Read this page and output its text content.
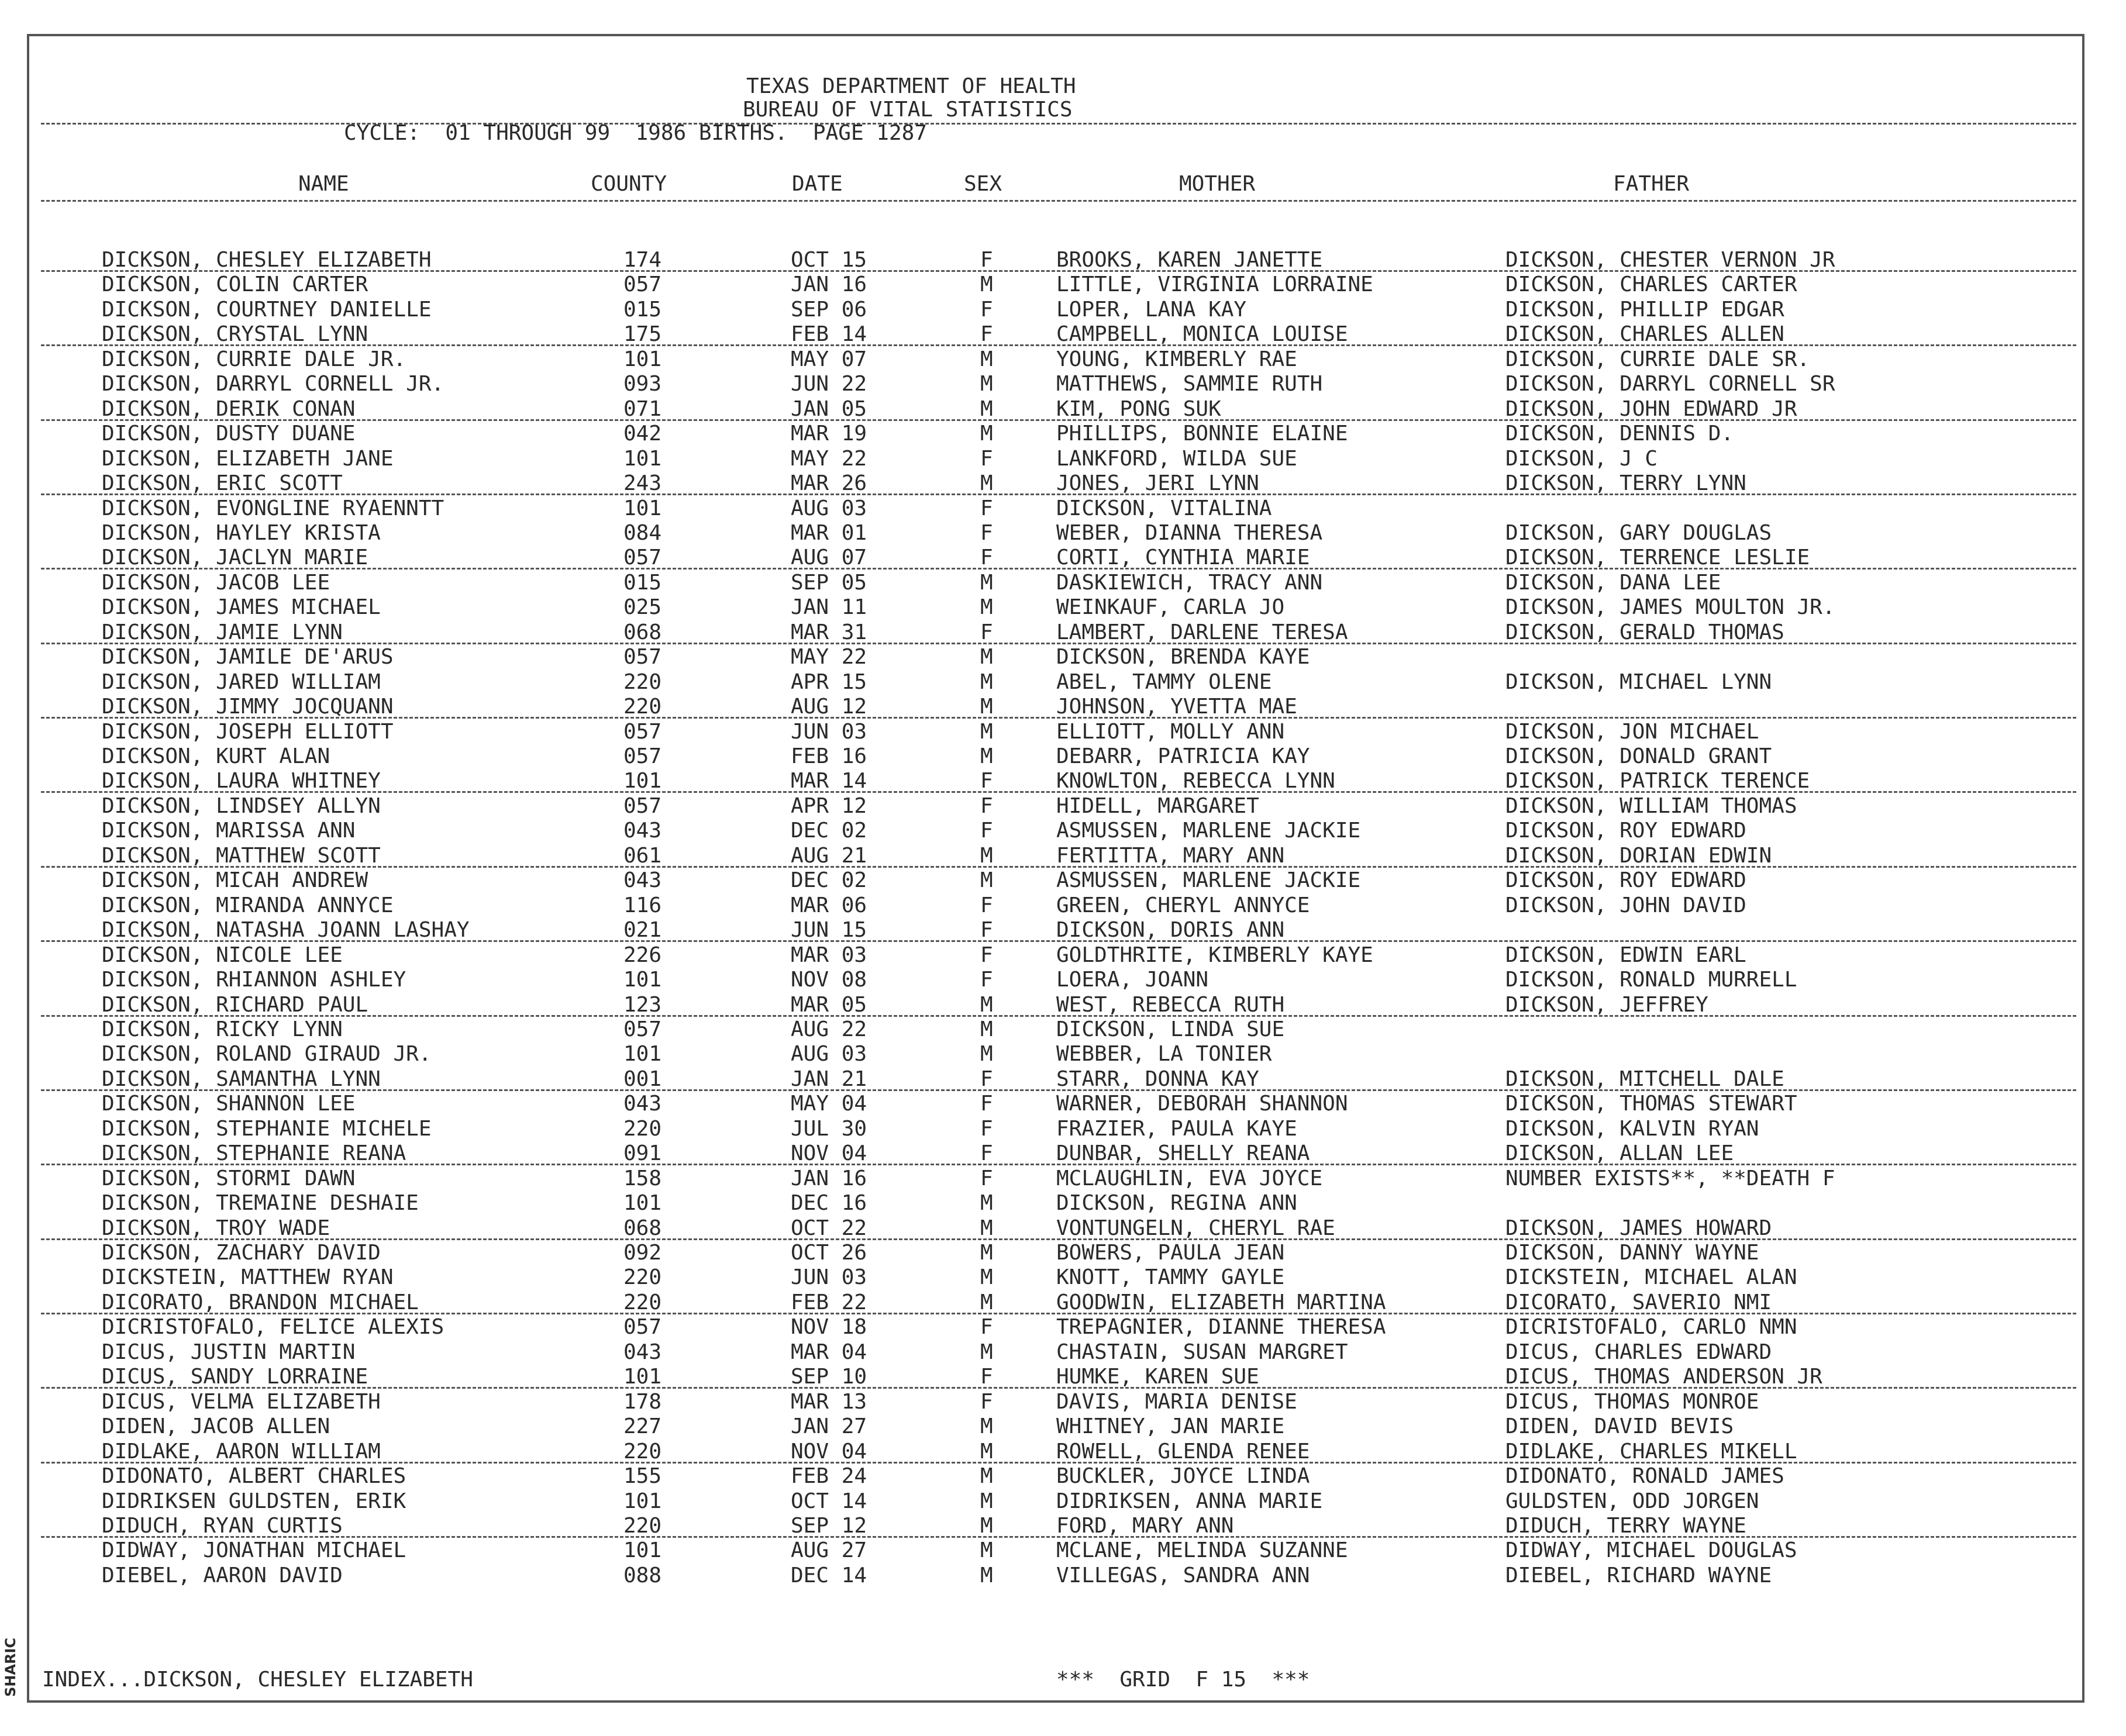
TEXAS DEPARTMENT OF HEALTH
BUREAU OF VITAL STATISTICS
CYCLE:  01 THROUGH 99  1986 BIRTHS.  PAGE 1287
NAME	COUNTY	DATE	SEX	MOTHER	FATHER
DICKSON, CHESLEY ELIZABETH	174	OCT 15	F	BROOKS, KAREN JANETTE	DICKSON, CHESTER VERNON JR
DICKSON, COLIN CARTER	057	JAN 16	M	LITTLE, VIRGINIA LORRAINE	DICKSON, CHARLES CARTER
DICKSON, COURTNEY DANIELLE	015	SEP 06	F	LOPER, LANA KAY	DICKSON, PHILLIP EDGAR
DICKSON, CRYSTAL LYNN	175	FEB 14	F	CAMPBELL, MONICA LOUISE	DICKSON, CHARLES ALLEN
DICKSON, CURRIE DALE JR.	101	MAY 07	M	YOUNG, KIMBERLY RAE	DICKSON, CURRIE DALE SR.
DICKSON, DARRYL CORNELL JR.	093	JUN 22	M	MATTHEWS, SAMMIE RUTH	DICKSON, DARRYL CORNELL SR
DICKSON, DERIK CONAN	071	JAN 05	M	KIM, PONG SUK	DICKSON, JOHN EDWARD JR
DICKSON, DUSTY DUANE	042	MAR 19	M	PHILLIPS, BONNIE ELAINE	DICKSON, DENNIS D.
DICKSON, ELIZABETH JANE	101	MAY 22	F	LANKFORD, WILDA SUE	DICKSON, J C
DICKSON, ERIC SCOTT	243	MAR 26	M	JONES, JERI LYNN	DICKSON, TERRY LYNN
DICKSON, EVONGLINE RYAENNTT	101	AUG 03	F	DICKSON, VITALINA
DICKSON, HAYLEY KRISTA	084	MAR 01	F	WEBER, DIANNA THERESA	DICKSON, GARY DOUGLAS
DICKSON, JACLYN MARIE	057	AUG 07	F	CORTI, CYNTHIA MARIE	DICKSON, TERRENCE LESLIE
DICKSON, JACOB LEE	015	SEP 05	M	DASKIEWICH, TRACY ANN	DICKSON, DANA LEE
DICKSON, JAMES MICHAEL	025	JAN 11	M	WEINKAUF, CARLA JO	DICKSON, JAMES MOULTON JR.
DICKSON, JAMIE LYNN	068	MAR 31	F	LAMBERT, DARLENE TERESA	DICKSON, GERALD THOMAS
DICKSON, JAMILE DE'ARUS	057	MAY 22	M	DICKSON, BRENDA KAYE
DICKSON, JARED WILLIAM	220	APR 15	M	ABEL, TAMMY OLENE	DICKSON, MICHAEL LYNN
DICKSON, JIMMY JOCQUANN	220	AUG 12	M	JOHNSON, YVETTA MAE
DICKSON, JOSEPH ELLIOTT	057	JUN 03	M	ELLIOTT, MOLLY ANN	DICKSON, JON MICHAEL
DICKSON, KURT ALAN	057	FEB 16	M	DEBARR, PATRICIA KAY	DICKSON, DONALD GRANT
DICKSON, LAURA WHITNEY	101	MAR 14	F	KNOWLTON, REBECCA LYNN	DICKSON, PATRICK TERENCE
DICKSON, LINDSEY ALLYN	057	APR 12	F	HIDELL, MARGARET	DICKSON, WILLIAM THOMAS
DICKSON, MARISSA ANN	043	DEC 02	F	ASMUSSEN, MARLENE JACKIE	DICKSON, ROY EDWARD
DICKSON, MATTHEW SCOTT	061	AUG 21	M	FERTITTA, MARY ANN	DICKSON, DORIAN EDWIN
DICKSON, MICAH ANDREW	043	DEC 02	M	ASMUSSEN, MARLENE JACKIE	DICKSON, ROY EDWARD
DICKSON, MIRANDA ANNYCE	116	MAR 06	F	GREEN, CHERYL ANNYCE	DICKSON, JOHN DAVID
DICKSON, NATASHA JOANN LASHAY	021	JUN 15	F	DICKSON, DORIS ANN
DICKSON, NICOLE LEE	226	MAR 03	F	GOLDTHRITE, KIMBERLY KAYE	DICKSON, EDWIN EARL
DICKSON, RHIANNON ASHLEY	101	NOV 08	F	LOERA, JOANN	DICKSON, RONALD MURRELL
DICKSON, RICHARD PAUL	123	MAR 05	M	WEST, REBECCA RUTH	DICKSON, JEFFREY
DICKSON, RICKY LYNN	057	AUG 22	M	DICKSON, LINDA SUE
DICKSON, ROLAND GIRAUD JR.	101	AUG 03	M	WEBBER, LA TONIER
DICKSON, SAMANTHA LYNN	001	JAN 21	F	STARR, DONNA KAY	DICKSON, MITCHELL DALE
DICKSON, SHANNON LEE	043	MAY 04	F	WARNER, DEBORAH SHANNON	DICKSON, THOMAS STEWART
DICKSON, STEPHANIE MICHELE	220	JUL 30	F	FRAZIER, PAULA KAYE	DICKSON, KALVIN RYAN
DICKSON, STEPHANIE REANA	091	NOV 04	F	DUNBAR, SHELLY REANA	DICKSON, ALLAN LEE
DICKSON, STORMI DAWN	158	JAN 16	F	MCLAUGHLIN, EVA JOYCE	NUMBER EXISTS**, **DEATH F
DICKSON, TREMAINE DESHAIE	101	DEC 16	M	DICKSON, REGINA ANN
DICKSON, TROY WADE	068	OCT 22	M	VONTUNGELN, CHERYL RAE	DICKSON, JAMES HOWARD
DICKSON, ZACHARY DAVID	092	OCT 26	M	BOWERS, PAULA JEAN	DICKSON, DANNY WAYNE
DICKSTEIN, MATTHEW RYAN	220	JUN 03	M	KNOTT, TAMMY GAYLE	DICKSTEIN, MICHAEL ALAN
DICORATO, BRANDON MICHAEL	220	FEB 22	M	GOODWIN, ELIZABETH MARTINA	DICORATO, SAVERIO NMI
DICRISTOFALO, FELICE ALEXIS	057	NOV 18	F	TREPAGNIER, DIANNE THERESA	DICRISTOFALO, CARLO NMN
DICUS, JUSTIN MARTIN	043	MAR 04	M	CHASTAIN, SUSAN MARGRET	DICUS, CHARLES EDWARD
DICUS, SANDY LORRAINE	101	SEP 10	F	HUMKE, KAREN SUE	DICUS, THOMAS ANDERSON JR
DICUS, VELMA ELIZABETH	178	MAR 13	F	DAVIS, MARIA DENISE	DICUS, THOMAS MONROE
DIDEN, JACOB ALLEN	227	JAN 27	M	WHITNEY, JAN MARIE	DIDEN, DAVID BEVIS
DIDLAKE, AARON WILLIAM	220	NOV 04	M	ROWELL, GLENDA RENEE	DIDLAKE, CHARLES MIKELL
DIDONATO, ALBERT CHARLES	155	FEB 24	M	BUCKLER, JOYCE LINDA	DIDONATO, RONALD JAMES
DIDRIKSEN GULDSTEN, ERIK	101	OCT 14	M	DIDRIKSEN, ANNA MARIE	GULDSTEN, ODD JORGEN
DIDUCH, RYAN CURTIS	220	SEP 12	M	FORD, MARY ANN	DIDUCH, TERRY WAYNE
DIDWAY, JONATHAN MICHAEL	101	AUG 27	M	MCLANE, MELINDA SUZANNE	DIDWAY, MICHAEL DOUGLAS
DIEBEL, AARON DAVID	088	DEC 14	M	VILLEGAS, SANDRA ANN	DIEBEL, RICHARD WAYNE
INDEX...DICKSON, CHESLEY ELIZABETH	***  GRID  F 15  ***
SHARIC
